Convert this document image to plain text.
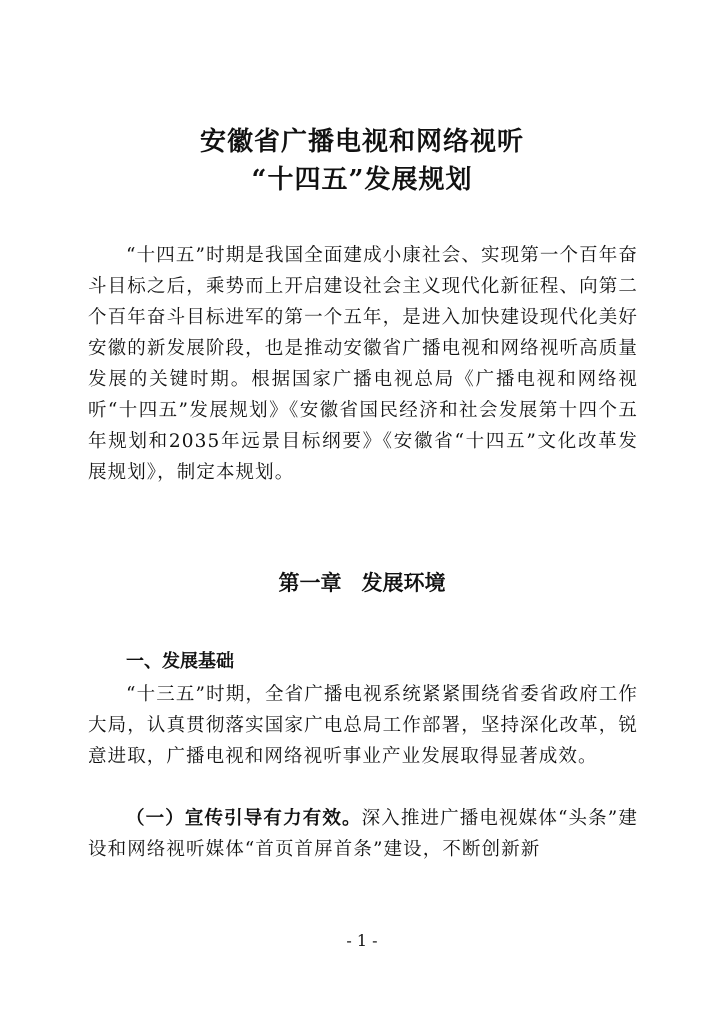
安徽省广播电视和网络视听
“十四五”发展规划

“十四五”时期是我国全面建成小康社会、实现第一个百年奋斗目标之后，乘势而上开启建设社会主义现代化新征程、向第二个百年奋斗目标进军的第一个五年，是进入加快建设现代化美好安徽的新发展阶段，也是推动安徽省广播电视和网络视听高质量发展的关键时期。根据国家广播电视总局《广播电视和网络视听“十四五”发展规划》《安徽省国民经济和社会发展第十四个五年规划和2035年远景目标纲要》《安徽省“十四五”文化改革发展规划》，制定本规划。

第一章 发展环境
一、发展基础

“十三五”时期，全省广播电视系统紧紧围绕省委省政府工作大局，认真贯彻落实国家广电总局工作部署，坚持深化改革，锐意进取，广播电视和网络视听事业产业发展取得显著成效。

（一）宣传引导有力有效。深入推进广播电视媒体“头条”建设和网络视听媒体“首页首屏首条”建设，不断创新新

- 1 -
